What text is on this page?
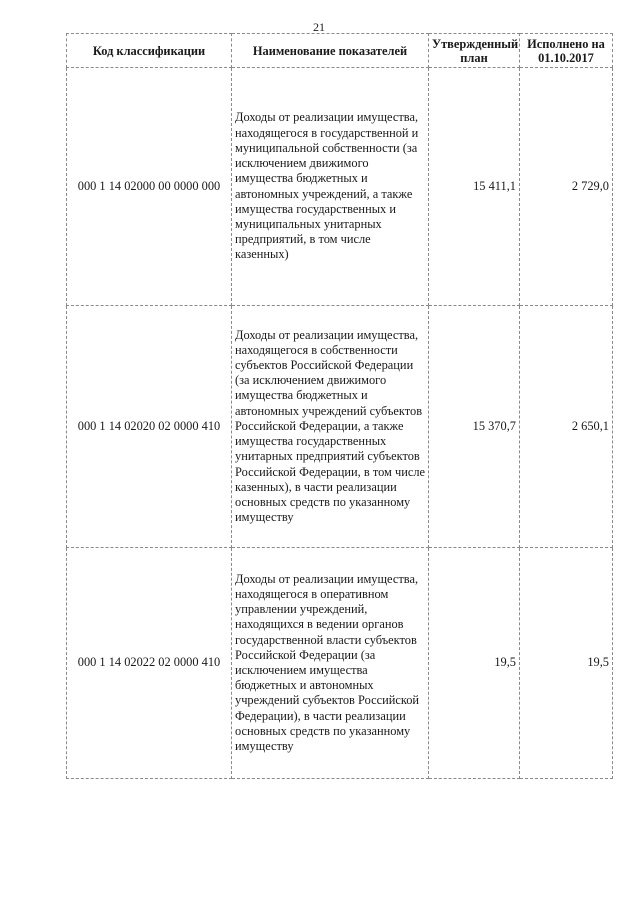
21
Код классификации	Наименование показателей	Утвержденный план	Исполнено на 01.10.2017
000 1 14 02000 00 0000 000	Доходы от реализации имущества, находящегося в государственной и муниципальной собственности (за исключением движимого имущества бюджетных и автономных учреждений, а также имущества государственных и муниципальных унитарных предприятий, в том числе казенных)	15 411,1	2 729,0
000 1 14 02020 02 0000 410	Доходы от реализации имущества, находящегося в собственности субъектов Российской Федерации (за исключением движимого имущества бюджетных и автономных учреждений субъектов Российской Федерации, а также имущества государственных унитарных предприятий субъектов Российской Федерации, в том числе казенных), в части реализации основных средств по указанному имуществу	15 370,7	2 650,1
000 1 14 02022 02 0000 410	Доходы от реализации имущества, находящегося в оперативном управлении учреждений, находящихся в ведении органов государственной власти субъектов Российской Федерации (за исключением имущества бюджетных и автономных учреждений субъектов Российской Федерации), в части реализации основных средств по указанному имуществу	19,5	19,5
